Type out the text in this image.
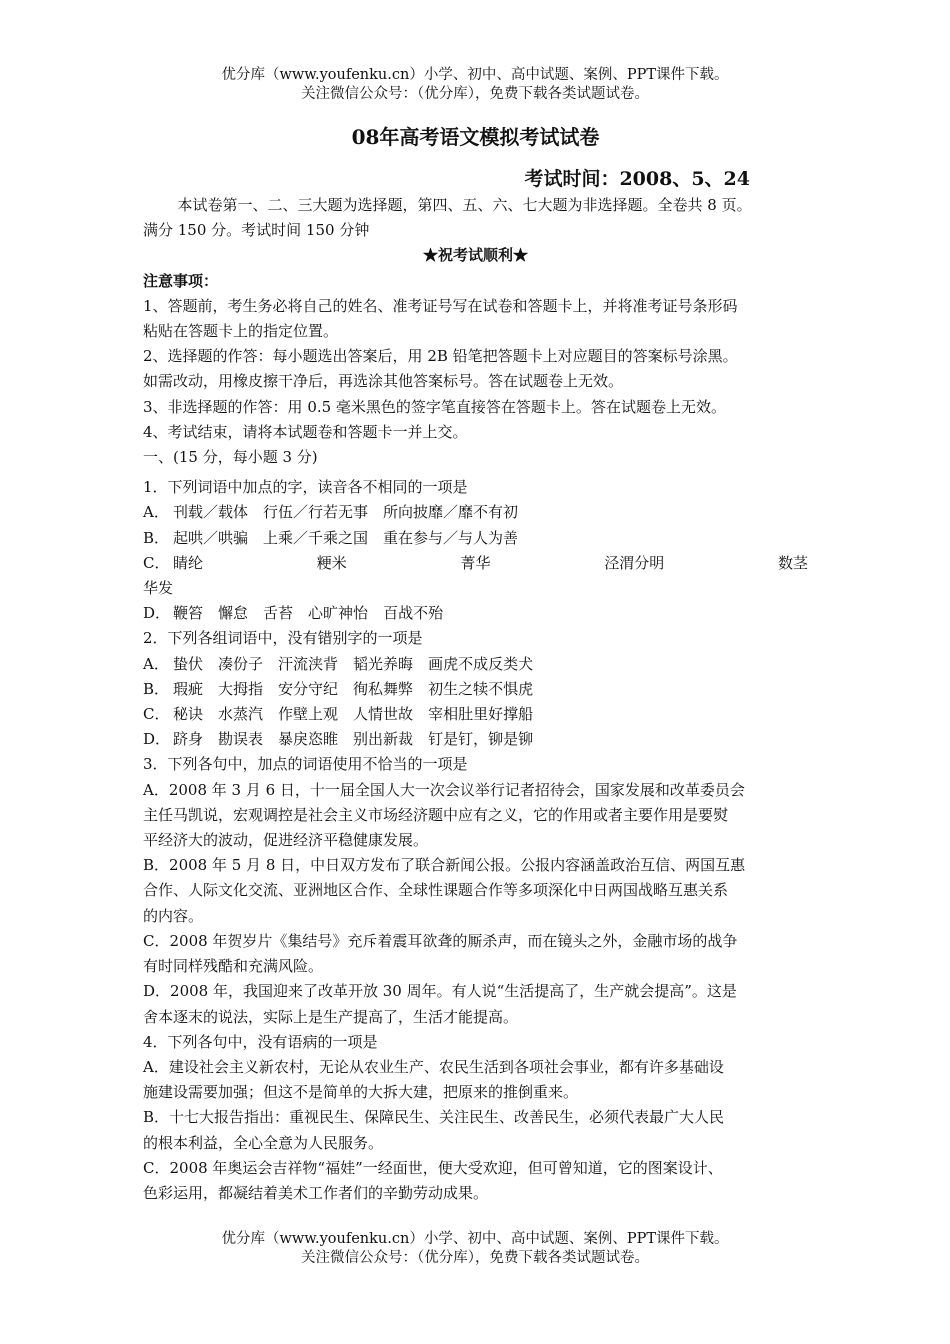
优分库（www.youfenku.cn）小学、初中、高中试题、案例、PPT课件下载。
关注微信公众号：（优分库），免费下载各类试题试卷。
08年高考语文模拟考试试卷
考试时间：2008、5、24
本试卷第一、二、三大题为选择题，第四、五、六、七大题为非选择题。全卷共 8 页。
满分 150 分。考试时间 150 分钟
★祝考试顺利★
注意事项：
1、答题前，考生务必将自己的姓名、准考证号写在试卷和答题卡上，并将准考证号条形码
粘贴在答题卡上的指定位置。
2、选择题的作答：每小题选出答案后，用 2B 铅笔把答题卡上对应题目的答案标号涂黑。
如需改动，用橡皮擦干净后，再选涂其他答案标号。答在试题卷上无效。
3、非选择题的作答：用 0.5 毫米黑色的签字笔直接答在答题卡上。答在试题卷上无效。
4、考试结束，请将本试题卷和答题卡一并上交。
一、(15 分，每小题 3 分)
1．下列词语中加点的字，读音各不相同的一项是
A． 刊载／载体 行伍／行若无事 所向披靡／靡不有初
B． 起哄／哄骗 上乘／千乘之国 重在参与／与人为善
C． 睛纶	粳米	菁华	泾渭分明	数茎
华发
D． 鞭笞 懈怠 舌苔 心旷神怡 百战不殆
2．下列各组词语中，没有错别字的一项是
A． 蛰伏 凑份子 汗流浃背 韬光养晦 画虎不成反类犬
B． 瑕疵 大拇指 安分守纪 徇私舞弊 初生之犊不惧虎
C． 秘诀 水蒸汽 作壁上观 人情世故 宰相肚里好撑船
D． 跻身 勘误表 暴戾恣睢 别出新裁 钉是钉，铆是铆
3．下列各句中，加点的词语使用不恰当的一项是
A．2008 年 3 月 6 日，十一届全国人大一次会议举行记者招待会，国家发展和改革委员会
主任马凯说，宏观调控是社会主义市场经济题中应有之义，它的作用或者主要作用是要熨
平经济大的波动，促进经济平稳健康发展。
B．2008 年 5 月 8 日，中日双方发布了联合新闻公报。公报内容涵盖政治互信、两国互惠
合作、人际文化交流、亚洲地区合作、全球性课题合作等多项深化中日两国战略互惠关系
的内容。
C．2008 年贺岁片《集结号》充斥着震耳欲聋的厮杀声，而在镜头之外，金融市场的战争
有时同样残酷和充满风险。
D．2008 年，我国迎来了改革开放 30 周年。有人说“生活提高了，生产就会提高”。这是
舍本逐末的说法，实际上是生产提高了，生活才能提高。
4．下列各句中，没有语病的一项是
A．建设社会主义新农村，无论从农业生产、农民生活到各项社会事业，都有许多基础设
施建设需要加强；但这不是简单的大拆大建，把原来的推倒重来。
B．十七大报告指出：重视民生、保障民生、关注民生、改善民生，必须代表最广大人民
的根本利益，全心全意为人民服务。
C．2008 年奥运会吉祥物“福娃”一经面世，便大受欢迎，但可曾知道，它的图案设计、
色彩运用，都凝结着美术工作者们的辛勤劳动成果。
优分库（www.youfenku.cn）小学、初中、高中试题、案例、PPT课件下载。
关注微信公众号：（优分库），免费下载各类试题试卷。
